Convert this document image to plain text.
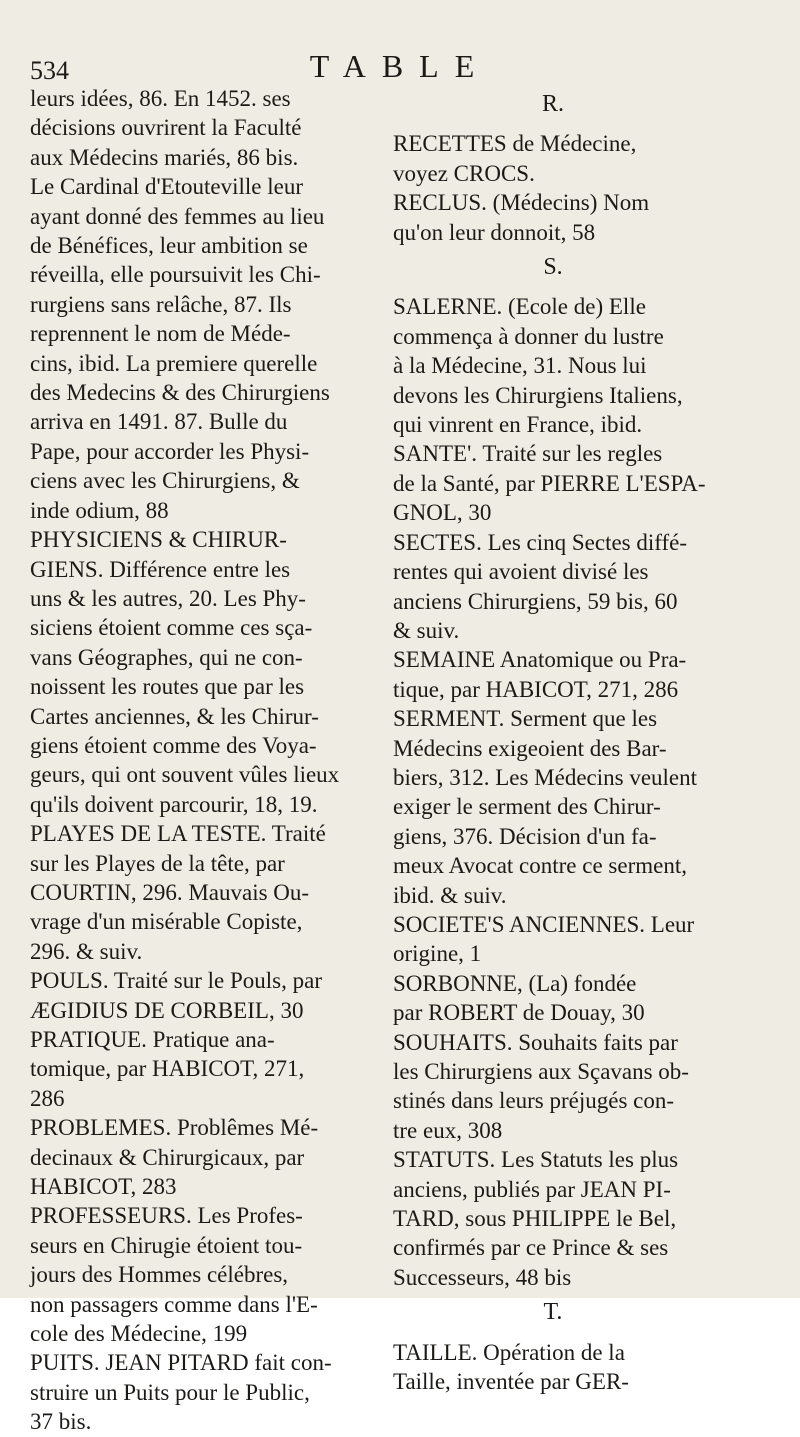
534	TABLE
leurs idées, 86. En 1452. ses
décisions ouvrirent la Faculté
aux Médecins mariés, 86 bis.
Le Cardinal d'Etouteville leur
ayant donné des femmes au lieu
de Bénéfices, leur ambition se
réveilla, elle poursuivit les Chi-
rurgiens sans relâche, 87. Ils
reprennent le nom de Méde-
cins, ibid. La premiere querelle
des Medecins & des Chirurgiens
arriva en 1491. 87. Bulle du
Pape, pour accorder les Physi-
ciens avec les Chirurgiens, &
inde odium, 88
PHYSICIENS & CHIRUR-
GIENS. Différence entre les
uns & les autres, 20. Les Phy-
siciens étoient comme ces sça-
vans Géographes, qui ne con-
noissent les routes que par les
Cartes anciennes, & les Chirur-
giens étoient comme des Voya-
geurs, qui ont souvent vûles lieux
qu'ils doivent parcourir, 18, 19.
PLAYES DE LA TESTE. Traité
sur les Playes de la tête, par
COURTIN, 296. Mauvais Ou-
vrage d'un misérable Copiste,
296. & suiv.
POULS. Traité sur le Pouls, par
ÆGIDIUS DE CORBEIL, 30
PRATIQUE. Pratique ana-
tomique, par HABICOT, 271,
286
PROBLEMES. Problêmes Mé-
decinaux & Chirurgicaux, par
HABICOT, 283
PROFESSEURS. Les Profes-
seurs en Chirugie étoient tou-
jours des Hommes célébres,
non passagers comme dans l'E-
cole des Médecine, 199
PUITS. JEAN PITARD fait con-
struire un Puits pour le Public,
37 bis.
R.
RECETTES de Médecine,
voyez CROCS.
RECLUS. (Médecins) Nom
qu'on leur donnoit, 58
S.
SALERNE. (Ecole de) Elle
commença à donner du lustre
à la Médecine, 31. Nous lui
devons les Chirurgiens Italiens,
qui vinrent en France, ibid.
SANTE'. Traité sur les regles
de la Santé, par PIERRE L'ESPA-
GNOL, 30
SECTES. Les cinq Sectes diffé-
rentes qui avoient divisé les
anciens Chirurgiens, 59 bis, 60
& suiv.
SEMAINE Anatomique ou Pra-
tique, par HABICOT, 271, 286
SERMENT. Serment que les
Médecins exigeoient des Bar-
biers, 312. Les Médecins veulent
exiger le serment des Chirur-
giens, 376. Décision d'un fa-
meux Avocat contre ce serment,
ibid. & suiv.
SOCIETE'S ANCIENNES. Leur
origine, 1
SORBONNE, (La) fondée
par ROBERT de Douay, 30
SOUHAITS. Souhaits faits par
les Chirurgiens aux Sçavans ob-
stinés dans leurs préjugés con-
tre eux, 308
STATUTS. Les Statuts les plus
anciens, publiés par JEAN PI-
TARD, sous PHILIPPE le Bel,
confirmés par ce Prince & ses
Successeurs, 48 bis
T.
TAILLE. Opération de la
Taille, inventée par GER-
